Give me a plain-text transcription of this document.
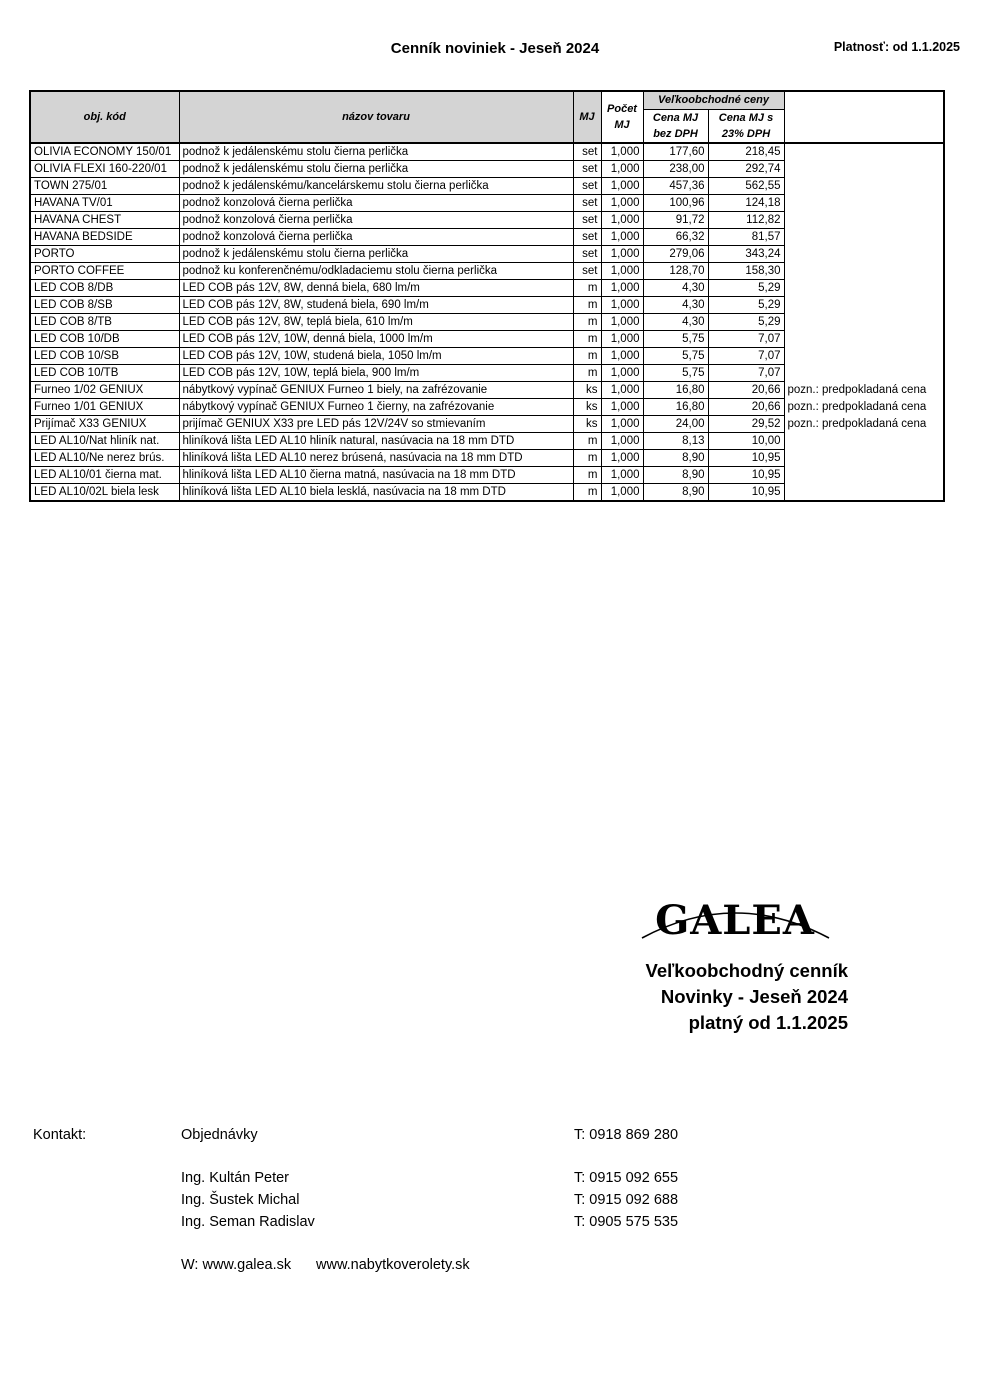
Cenník noviniek - Jeseň 2024	Platnosť: od 1.1.2025
obj. kód	názov tovaru	MJ	Počet MJ	Veľkoobchodné ceny		
				Cena MJ bez DPH	Cena MJ s 23% DPH	
OLIVIA ECONOMY 150/01	podnož k jedálenskému stolu čierna perlička	set	1,000	177,60	218,45	
OLIVIA FLEXI 160-220/01	podnož k jedálenskému stolu čierna perlička	set	1,000	238,00	292,74	
TOWN 275/01	podnož k jedálenskému/kancelárskemu stolu čierna perlička	set	1,000	457,36	562,55	
HAVANA TV/01	podnož konzolová čierna perlička	set	1,000	100,96	124,18	
HAVANA CHEST	podnož konzolová čierna perlička	set	1,000	91,72	112,82	
HAVANA BEDSIDE	podnož konzolová čierna perlička	set	1,000	66,32	81,57	
PORTO	podnož k jedálenskému stolu čierna perlička	set	1,000	279,06	343,24	
PORTO COFFEE	podnož ku konferenčnému/odkladaciemu stolu čierna perlička	set	1,000	128,70	158,30	
LED COB 8/DB	LED COB pás 12V, 8W, denná biela, 680 lm/m	m	1,000	4,30	5,29	
LED COB 8/SB	LED COB pás 12V, 8W, studená biela, 690 lm/m	m	1,000	4,30	5,29	
LED COB 8/TB	LED COB pás 12V, 8W, teplá biela, 610 lm/m	m	1,000	4,30	5,29	
LED COB 10/DB	LED COB pás 12V, 10W, denná biela, 1000 lm/m	m	1,000	5,75	7,07	
LED COB 10/SB	LED COB pás 12V, 10W, studená biela, 1050 lm/m	m	1,000	5,75	7,07	
LED COB 10/TB	LED COB pás 12V, 10W, teplá biela, 900 lm/m	m	1,000	5,75	7,07	
Furneo 1/02 GENIUX	nábytkový vypínač GENIUX Furneo 1 biely, na zafrézovanie	ks	1,000	16,80	20,66	pozn.: predpokladaná cena
Furneo 1/01 GENIUX	nábytkový vypínač GENIUX Furneo 1 čierny, na zafrézovanie	ks	1,000	16,80	20,66	pozn.: predpokladaná cena
Prijímač X33 GENIUX	prijímač GENIUX X33 pre LED pás 12V/24V so stmievaním	ks	1,000	24,00	29,52	pozn.: predpokladaná cena
LED AL10/Nat hliník nat.	hliníková lišta LED AL10 hliník natural, nasúvacia na 18 mm DTD	m	1,000	8,13	10,00	
LED AL10/Ne nerez brús.	hliníková lišta LED AL10 nerez brúsená, nasúvacia na 18 mm DTD	m	1,000	8,90	10,95	
LED AL10/01 čierna mat.	hliníková lišta LED AL10 čierna matná, nasúvacia na 18 mm DTD	m	1,000	8,90	10,95	
LED AL10/02L biela lesk	hliníková lišta LED AL10 biela lesklá, nasúvacia na 18 mm DTD	m	1,000	8,90	10,95	
GALEA
Veľkoobchodný cenník
Novinky - Jeseň 2024
platný od 1.1.2025
Kontakt:	Objednávky	T: 0918 869 280
Ing. Kultán Peter	T: 0915 092 655
Ing. Šustek Michal	T: 0915 092 688
Ing. Seman Radislav	T: 0905 575 535
W: www.galea.sk www.nabytkoverolety.sk
